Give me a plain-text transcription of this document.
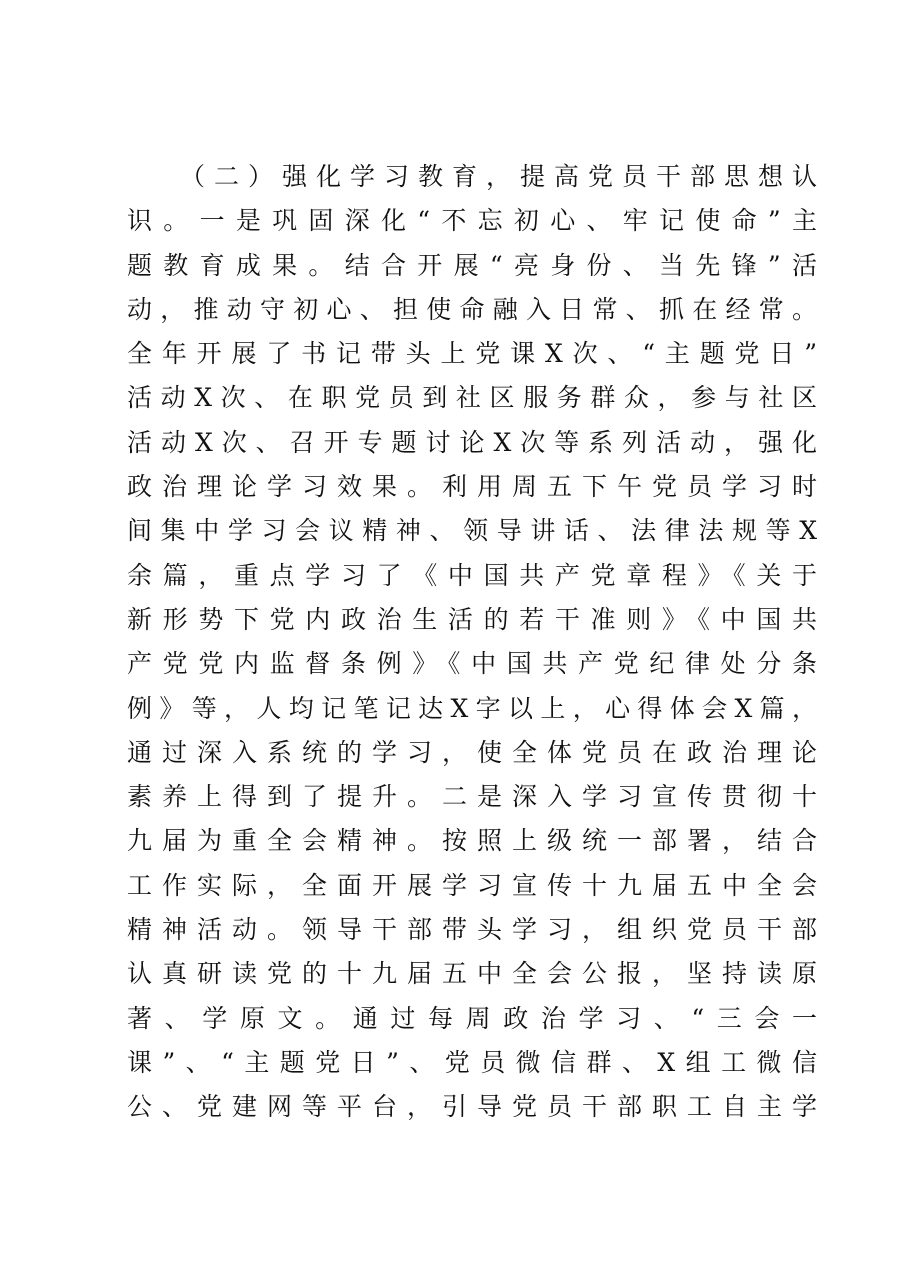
（二）强化学习教育，提高党员干部思想认
识。一是巩固深化“不忘初心、牢记使命”主
题教育成果。结合开展“亮身份、当先锋”活
动，推动守初心、担使命融入日常、抓在经常。
全年开展了书记带头上党课X次、“主题党日”
活动X次、在职党员到社区服务群众，参与社区
活动X次、召开专题讨论X次等系列活动，强化
政治理论学习效果。利用周五下午党员学习时
间集中学习会议精神、领导讲话、法律法规等X
余篇，重点学习了《中国共产党章程》《关于
新形势下党内政治生活的若干准则》《中国共
产党党内监督条例》《中国共产党纪律处分条
例》等，人均记笔记达X字以上，心得体会X篇，
通过深入系统的学习，使全体党员在政治理论
素养上得到了提升。二是深入学习宣传贯彻十
九届为重全会精神。按照上级统一部署，结合
工作实际，全面开展学习宣传十九届五中全会
精神活动。领导干部带头学习，组织党员干部
认真研读党的十九届五中全会公报，坚持读原
著、学原文。通过每周政治学习、“三会一
课”、“主题党日”、党员微信群、X组工微信
公、党建网等平台，引导党员干部职工自主学
